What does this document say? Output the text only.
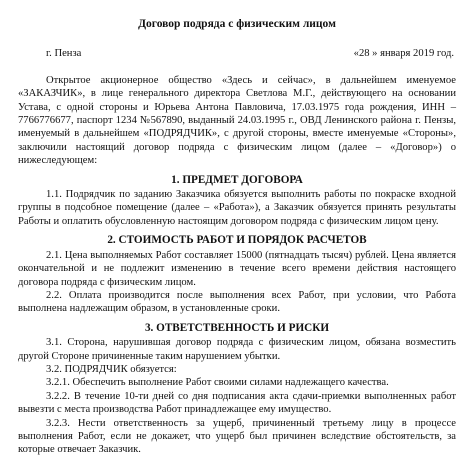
Договор подряда с физическим лицом
г. Пенза	«28 » января 2019 год.

Открытое акционерное общество «Здесь и сейчас», в дальнейшем именуемое «ЗАКАЗЧИК», в лице генерального директора Светлова М.Г., действующего на основании Устава, с одной стороны и Юрьева Антона Павловича, 17.03.1975 года рождения, ИНН – 7766776677, паспорт 1234 №567890, выданный 24.03.1995 г., ОВД Ленинского района г. Пензы, именуемый в дальнейшем «ПОДРЯДЧИК», с другой стороны, вместе именуемые «Стороны», заключили настоящий договор подряда с физическим лицом (далее – «Договор») о нижеследующем:

1. ПРЕДМЕТ ДОГОВОРА

1.1. Подрядчик по заданию Заказчика обязуется выполнить работы по покраске входной группы в подсобное помещение (далее – «Работа»), а Заказчик обязуется принять результаты Работы и оплатить обусловленную настоящим договором подряда с физическим лицом цену.

2. СТОИМОСТЬ РАБОТ И ПОРЯДОК РАСЧЕТОВ

2.1. Цена выполняемых Работ составляет 15000 (пятнадцать тысяч) рублей. Цена является окончательной и не подлежит изменению в течение всего времени действия настоящего договора подряда с физическим лицом.

2.2. Оплата производится после выполнения всех Работ, при условии, что Работа выполнена надлежащим образом, в установленные сроки.

3. ОТВЕТСТВЕННОСТЬ И РИСКИ

3.1. Сторона, нарушившая договор подряда с физическим лицом, обязана возместить другой Стороне причиненные таким нарушением убытки.

3.2. ПОДРЯДЧИК обязуется:

3.2.1. Обеспечить выполнение Работ своими силами надлежащего качества.

3.2.2. В течение 10-ти дней со дня подписания акта сдачи-приемки выполненных работ вывезти с места производства Работ принадлежащее ему имущество.

3.2.3. Нести ответственность за ущерб, причиненный третьему лицу в процессе выполнения Работ, если не докажет, что ущерб был причинен вследствие обстоятельств, за которые отвечает Заказчик.
